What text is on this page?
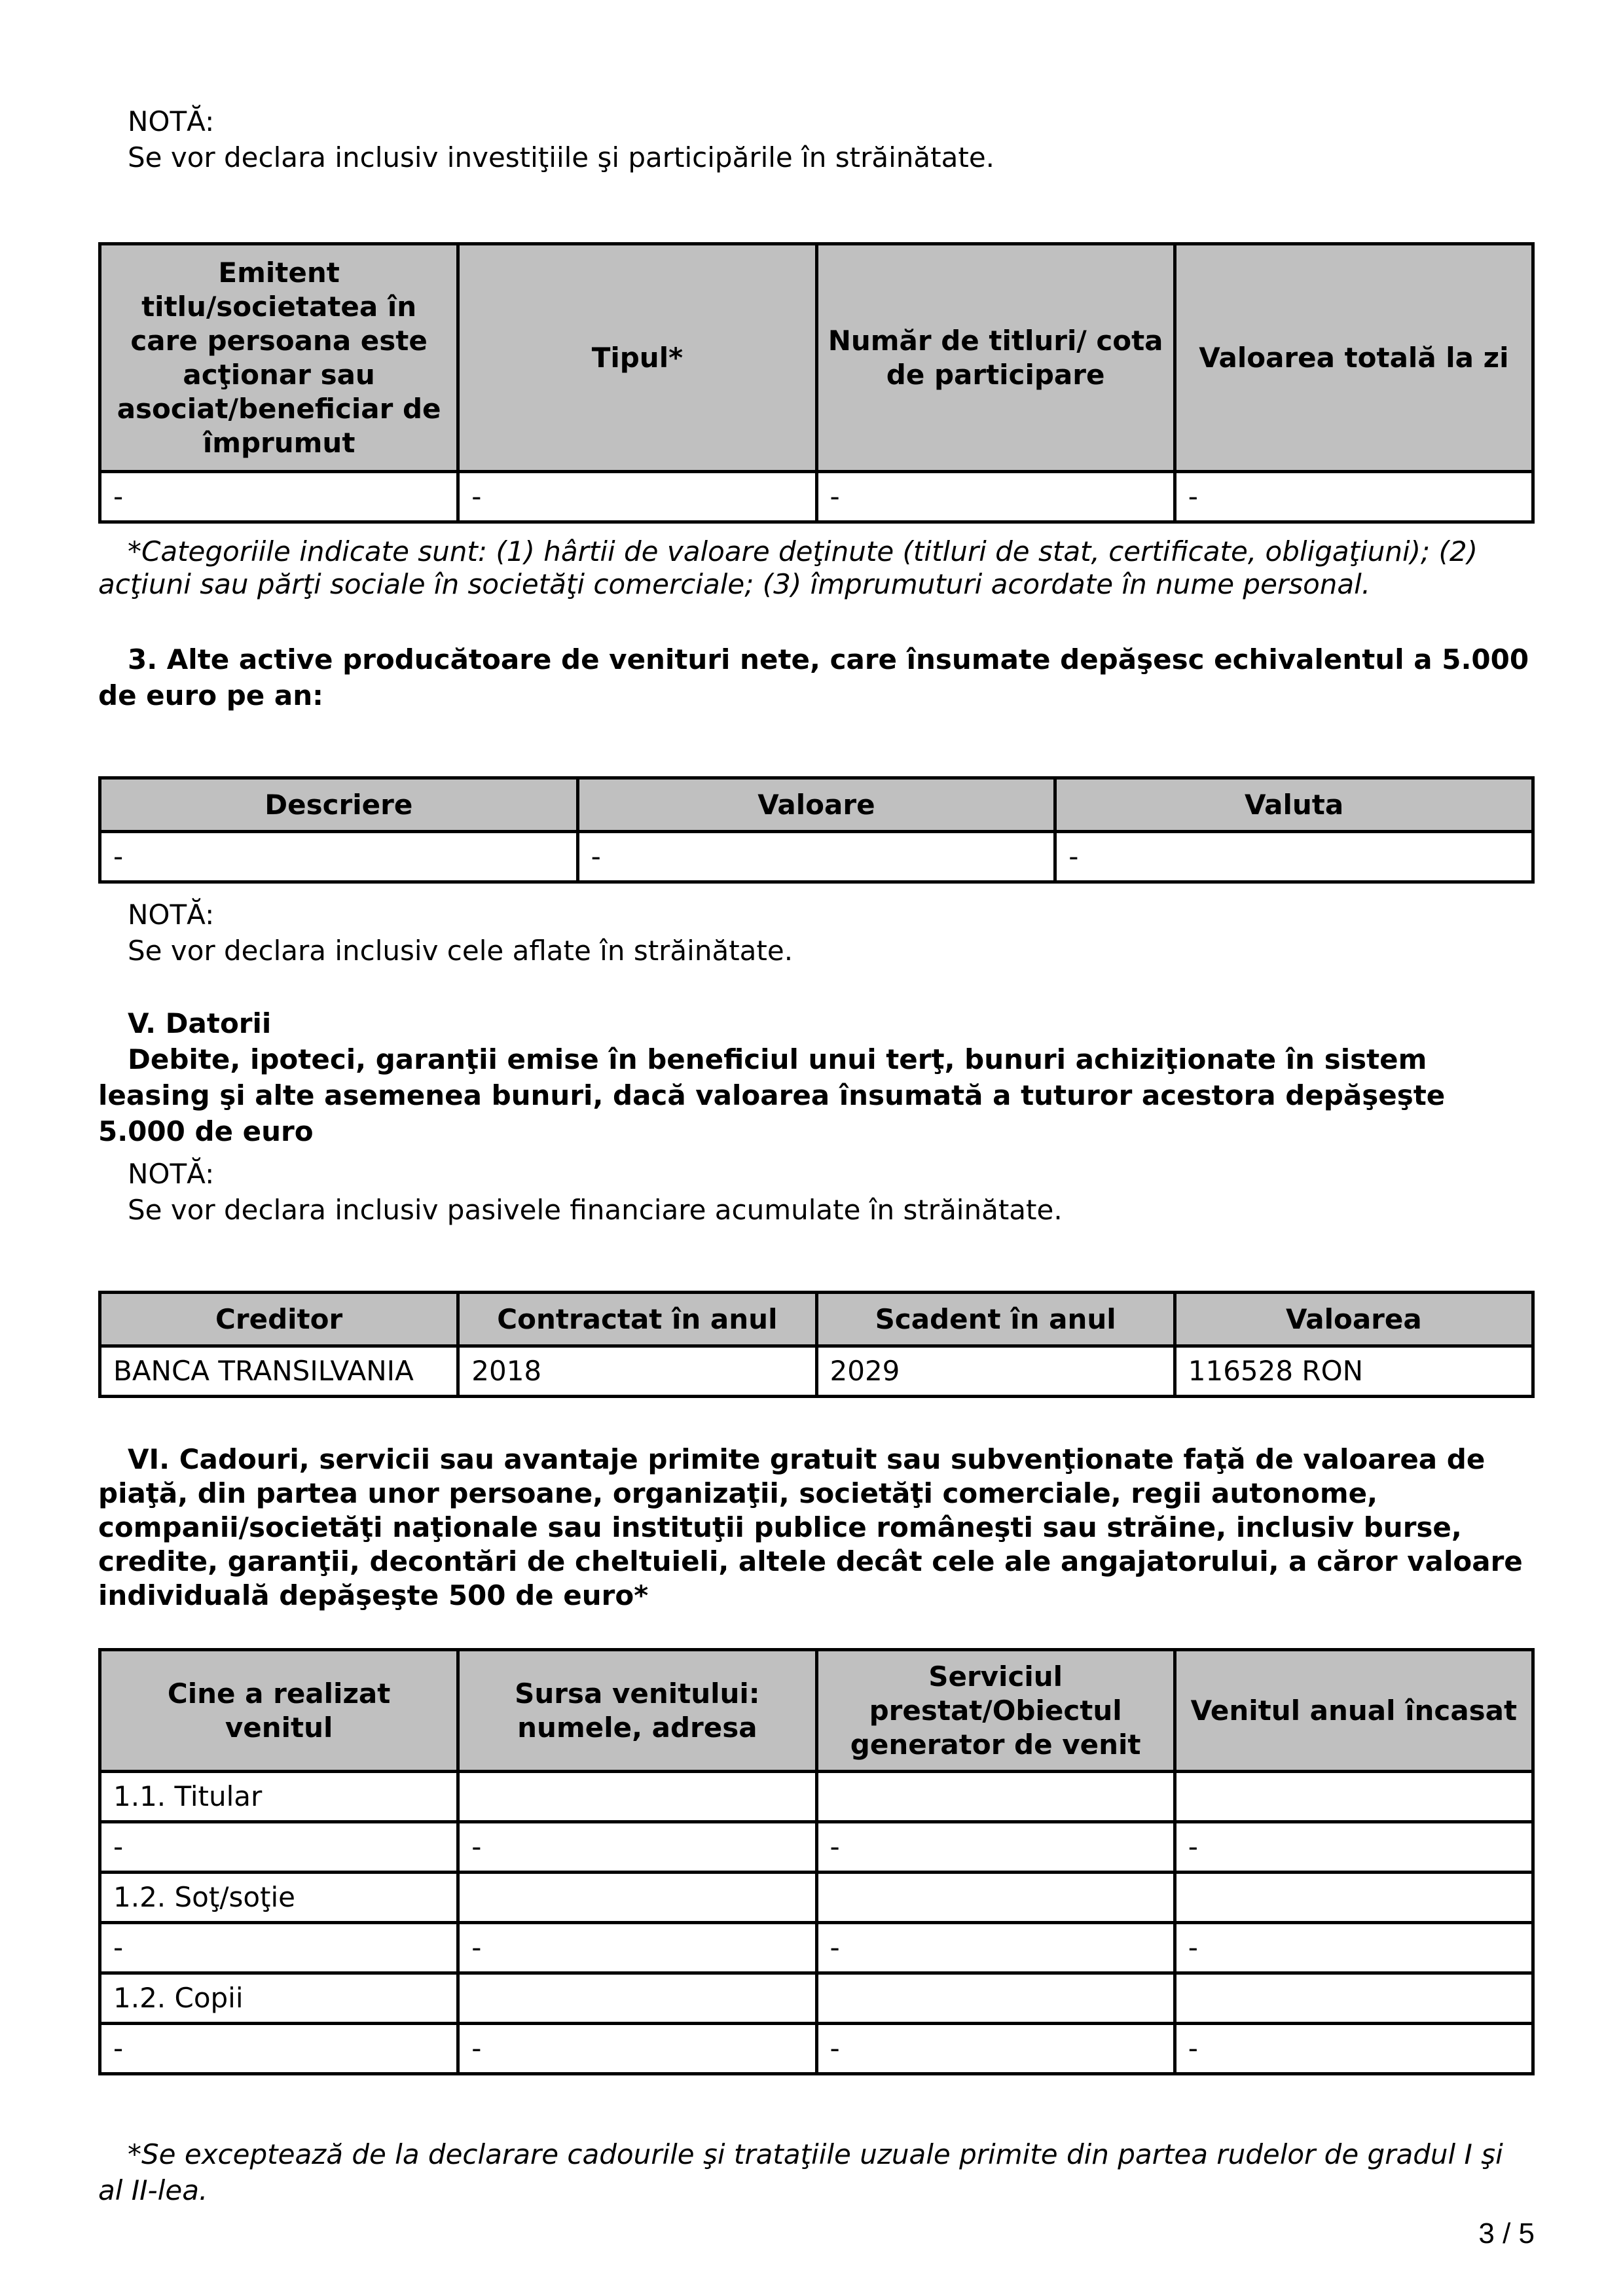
NOTĂ:

Se vor declara inclusiv investiţiile şi participările în străinătate.

Emitent titlu/societatea în care persoana este acţionar sau asociat/beneficiar de împrumut	Tipul*	Număr de titluri/ cota de participare	Valoarea totală la zi
-	-	-	-
*Categoriile indicate sunt: (1) hârtii de valoare deţinute (titluri de stat, certificate, obligaţiuni); (2) acţiuni sau părţi sociale în societăţi comerciale; (3) împrumuturi acordate în nume personal.
3. Alte active producătoare de venituri nete, care însumate depăşesc echivalentul a 5.000 de euro pe an:
Descriere	Valoare	Valuta
-	-	-

NOTĂ:

Se vor declara inclusiv cele aflate în străinătate.

V. Datorii

Debite, ipoteci, garanţii emise în beneficiul unui terţ, bunuri achiziţionate în sistem leasing şi alte asemenea bunuri, dacă valoarea însumată a tuturor acestora depăşeşte 5.000 de euro

NOTĂ:

Se vor declara inclusiv pasivele financiare acumulate în străinătate.

Creditor	Contractat în anul	Scadent în anul	Valoarea
BANCA TRANSILVANIA	2018	2029	116528 RON
VI. Cadouri, servicii sau avantaje primite gratuit sau subvenţionate faţă de valoarea de piaţă, din partea unor persoane, organizaţii, societăţi comerciale, regii autonome, companii/societăţi naţionale sau instituţii publice româneşti sau străine, inclusiv burse, credite, garanţii, decontări de cheltuieli, altele decât cele ale angajatorului, a căror valoare individuală depăşeşte 500 de euro*
Cine a realizat venitul	Sursa venitului: numele, adresa	Serviciul prestat/Obiectul generator de venit	Venitul anual încasat
1.1. Titular			
-	-	-	-
1.2. Soţ/soţie			
-	-	-	-
1.2. Copii			
-	-	-	-
*Se exceptează de la declarare cadourile şi trataţiile uzuale primite din partea rudelor de gradul I şi al II-lea.
3 / 5
